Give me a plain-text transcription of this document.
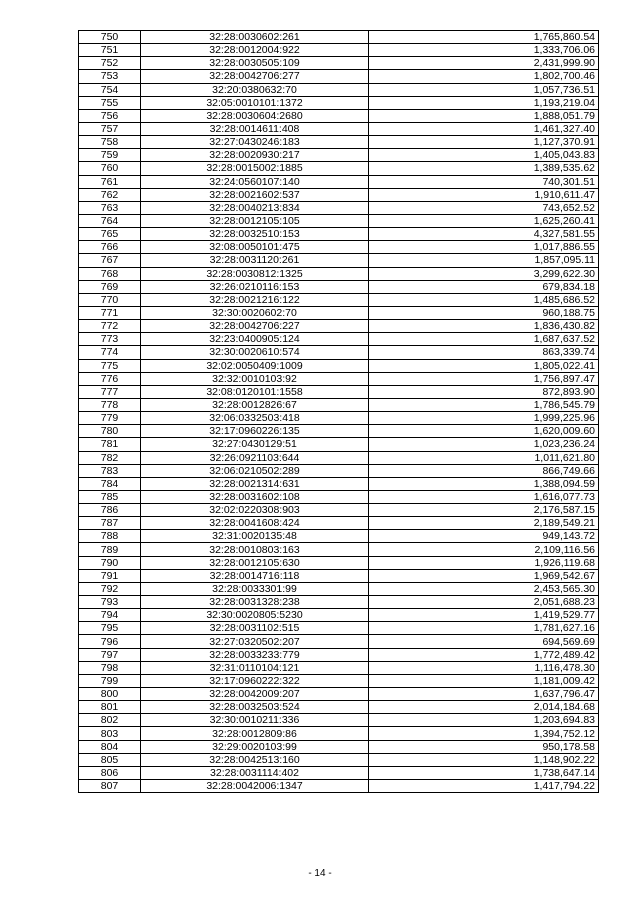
750	32:28:0030602:261	1,765,860.54
751	32:28:0012004:922	1,333,706.06
752	32:28:0030505:109	2,431,999.90
753	32:28:0042706:277	1,802,700.46
754	32:20:0380632:70	1,057,736.51
755	32:05:0010101:1372	1,193,219.04
756	32:28:0030604:2680	1,888,051.79
757	32:28:0014611:408	1,461,327.40
758	32:27:0430246:183	1,127,370.91
759	32:28:0020930:217	1,405,043.83
760	32:28:0015002:1885	1,389,535.62
761	32:24:0560107:140	740,301.51
762	32:28:0021602:537	1,910,611.47
763	32:28:0040213:834	743,652.52
764	32:28:0012105:105	1,625,260.41
765	32:28:0032510:153	4,327,581.55
766	32:08:0050101:475	1,017,886.55
767	32:28:0031120:261	1,857,095.11
768	32:28:0030812:1325	3,299,622.30
769	32:26:0210116:153	679,834.18
770	32:28:0021216:122	1,485,686.52
771	32:30:0020602:70	960,188.75
772	32:28:0042706:227	1,836,430.82
773	32:23:0400905:124	1,687,637.52
774	32:30:0020610:574	863,339.74
775	32:02:0050409:1009	1,805,022.41
776	32:32:0010103:92	1,756,897.47
777	32:08:0120101:1558	872,893.90
778	32:28:0012826:67	1,786,545.79
779	32:06:0332503:418	1,999,225.96
780	32:17:0960226:135	1,620,009.60
781	32:27:0430129:51	1,023,236.24
782	32:26:0921103:644	1,011,621.80
783	32:06:0210502:289	866,749.66
784	32:28:0021314:631	1,388,094.59
785	32:28:0031602:108	1,616,077.73
786	32:02:0220308:903	2,176,587.15
787	32:28:0041608:424	2,189,549.21
788	32:31:0020135:48	949,143.72
789	32:28:0010803:163	2,109,116.56
790	32:28:0012105:630	1,926,119.68
791	32:28:0014716:118	1,969,542.67
792	32:28:0033301:99	2,453,565.30
793	32:28:0031328:238	2,051,688.23
794	32:30:0020805:5230	1,419,529.77
795	32:28:0031102:515	1,781,627.16
796	32:27:0320502:207	694,569.69
797	32:28:0033233:779	1,772,489.42
798	32:31:0110104:121	1,116,478.30
799	32:17:0960222:322	1,181,009.42
800	32:28:0042009:207	1,637,796.47
801	32:28:0032503:524	2,014,184.68
802	32:30:0010211:336	1,203,694.83
803	32:28:0012809:86	1,394,752.12
804	32:29:0020103:99	950,178.58
805	32:28:0042513:160	1,148,902.22
806	32:28:0031114:402	1,738,647.14
807	32:28:0042006:1347	1,417,794.22
- 14 -
